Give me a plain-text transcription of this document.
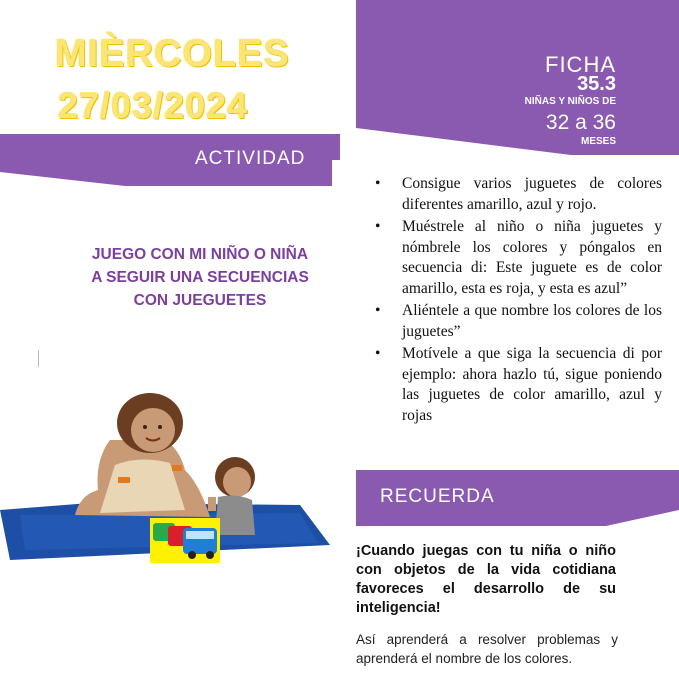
MIÈRCOLES
27/03/2024
ACTIVIDAD
JUEGO CON MI NIÑO O NIÑA
A SEGUIR UNA SECUENCIAS
CON JUEGUETES
FICHA
35.3
NIÑAS Y NIÑOS DE
32 a 36
MESES
• Consigue varios juguetes de colores diferentes amarillo, azul y rojo.
• Muéstrele al niño o niña juguetes y nómbrele los colores y póngalos en secuencia di: Este juguete es de color amarillo, esta es roja, y esta es azul”
• Aliéntele a que nombre los colores de los juguetes”
• Motívele a que siga la secuencia di por ejemplo: ahora hazlo tú, sigue poniendo las juguetes de color amarillo, azul y rojas
RECUERDA
¡Cuando juegas con tu niña o niño con objetos de la vida cotidiana favoreces el desarrollo de su inteligencia!
Así aprenderá a resolver problemas y aprenderá el nombre de los colores.
